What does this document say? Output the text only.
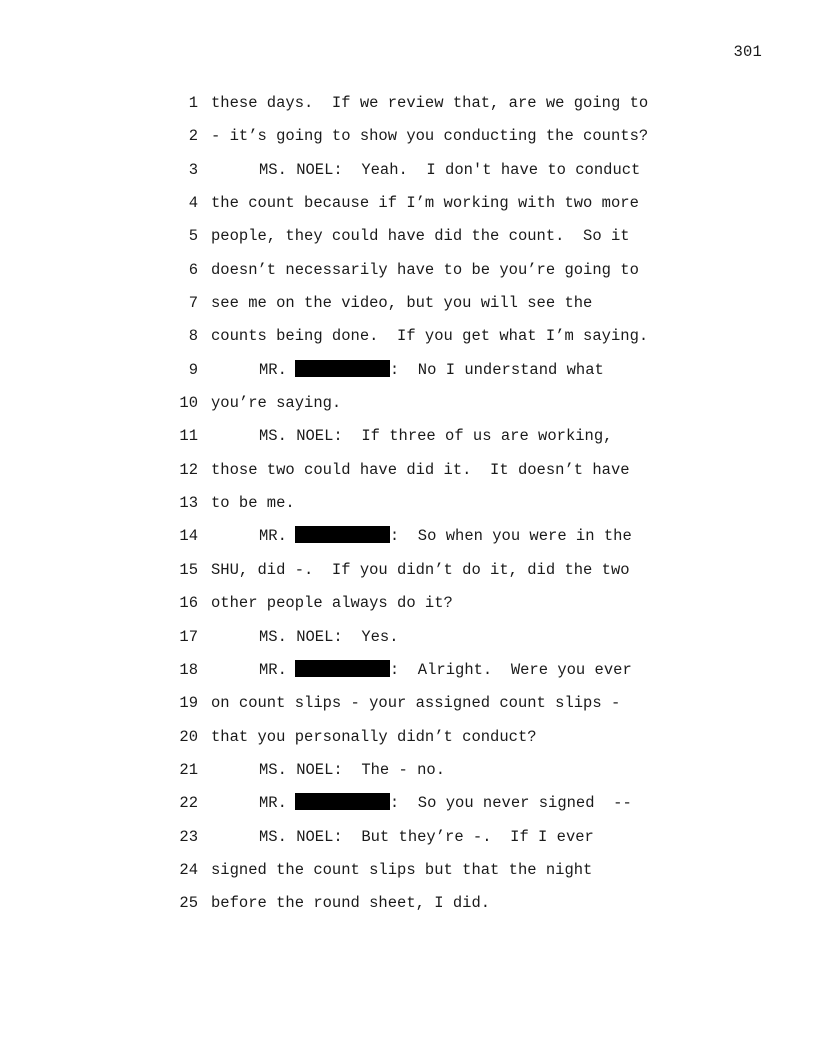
301
1 these days.  If we review that, are we going to
2 - it’s going to show you conducting the counts?
3	MS. NOEL:  Yeah.  I don't have to conduct
4 the count because if I’m working with two more
5 people, they could have did the count.  So it
6 doesn’t necessarily have to be you’re going to
7 see me on the video, but you will see the
8 counts being done.  If you get what I’m saying.
9	MR.	:  No I understand what
10 you’re saying.
11	MS. NOEL:  If three of us are working,
12 those two could have did it.  It doesn’t have
13 to be me.
14	MR.	:  So when you were in the
15 SHU, did -.  If you didn’t do it, did the two
16 other people always do it?
17	MS. NOEL:  Yes.
18	MR.	:  Alright.  Were you ever
19 on count slips - your assigned count slips -
20 that you personally didn’t conduct?
21	MS. NOEL:  The - no.
22	MR.	:  So you never signed  --
23	MS. NOEL:  But they’re -.  If I ever
24 signed the count slips but that the night
25 before the round sheet, I did.
